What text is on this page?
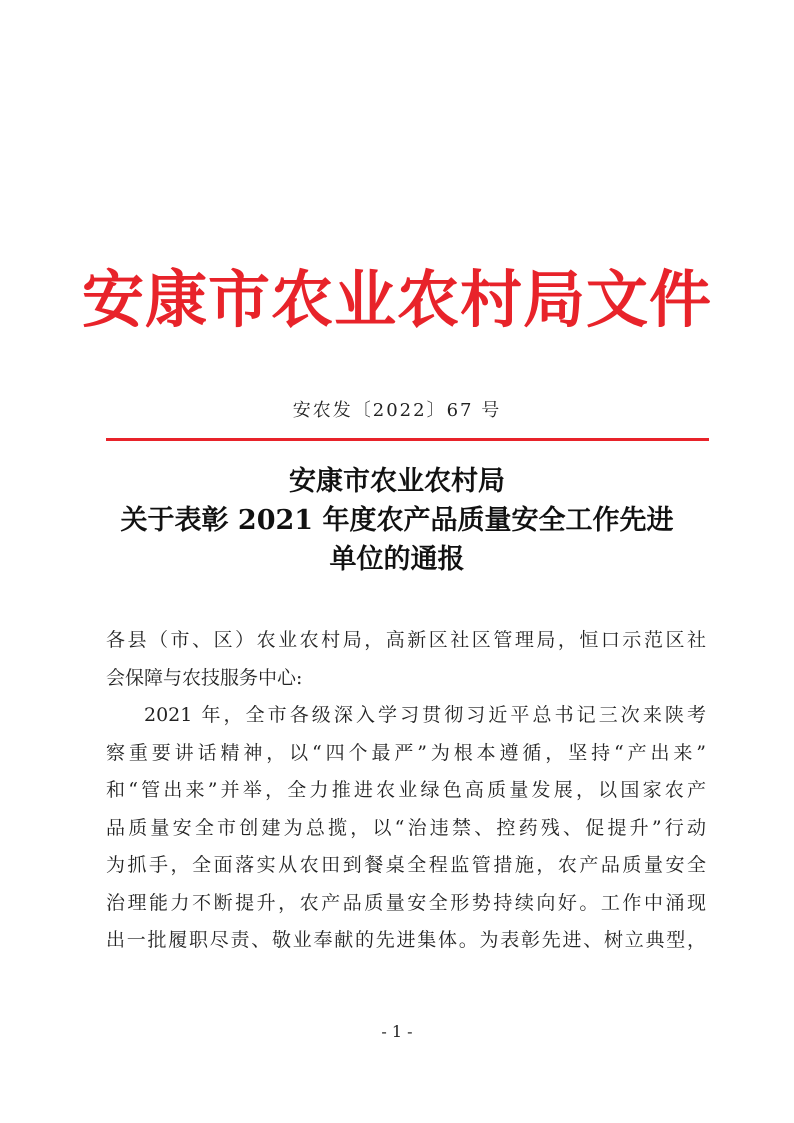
安康市农业农村局文件
安农发〔2022〕67 号
安康市农业农村局
关于表彰 2021 年度农产品质量安全工作先进
单位的通报
各县（市、区）农业农村局，高新区社区管理局，恒口示范区社
会保障与农技服务中心:
2021 年，全市各级深入学习贯彻习近平总书记三次来陕考
察重要讲话精神，以“四个最严”为根本遵循，坚持“产出来”
和“管出来”并举，全力推进农业绿色高质量发展，以国家农产
品质量安全市创建为总揽，以“治违禁、控药残、促提升”行动
为抓手，全面落实从农田到餐桌全程监管措施，农产品质量安全
治理能力不断提升，农产品质量安全形势持续向好。工作中涌现
出一批履职尽责、敬业奉献的先进集体。为表彰先进、树立典型，
- 1 -
